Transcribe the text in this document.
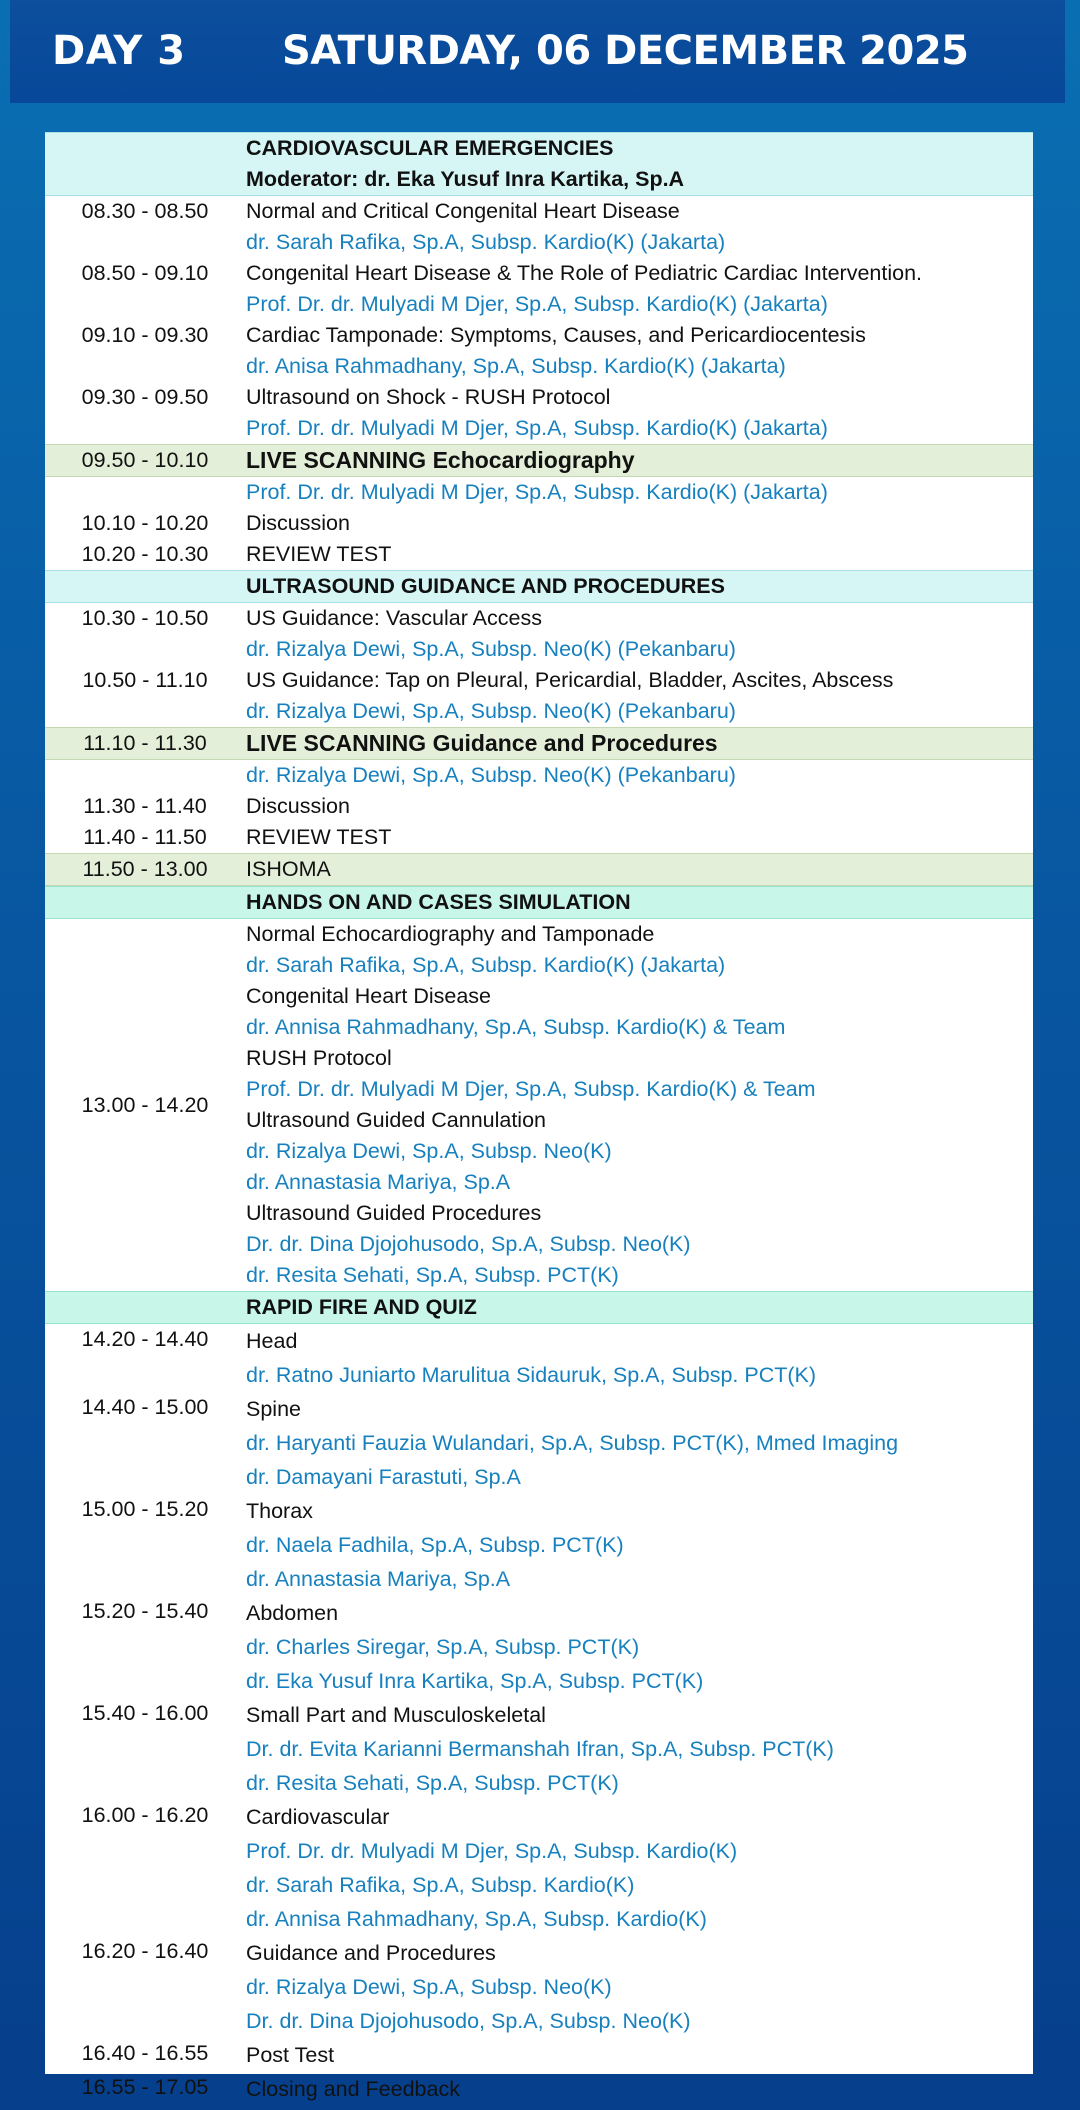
DAY 3 SATURDAY, 06 DECEMBER 2025
CARDIOVASCULAR EMERGENCIES
Moderator: dr. Eka Yusuf Inra Kartika, Sp.A
08.30 - 08.50	Normal and Critical Congenital Heart Disease
dr. Sarah Rafika, Sp.A, Subsp. Kardio(K) (Jakarta)
08.50 - 09.10	Congenital Heart Disease & The Role of Pediatric Cardiac Intervention.
Prof. Dr. dr. Mulyadi M Djer, Sp.A, Subsp. Kardio(K) (Jakarta)
09.10 - 09.30	Cardiac Tamponade: Symptoms, Causes, and Pericardiocentesis
dr. Anisa Rahmadhany, Sp.A, Subsp. Kardio(K) (Jakarta)
09.30 - 09.50	Ultrasound on Shock - RUSH Protocol
Prof. Dr. dr. Mulyadi M Djer, Sp.A, Subsp. Kardio(K) (Jakarta)
09.50 - 10.10	LIVE SCANNING Echocardiography
Prof. Dr. dr. Mulyadi M Djer, Sp.A, Subsp. Kardio(K) (Jakarta)
10.10 - 10.20	Discussion
10.20 - 10.30	REVIEW TEST
ULTRASOUND GUIDANCE AND PROCEDURES
10.30 - 10.50	US Guidance: Vascular Access
dr. Rizalya Dewi, Sp.A, Subsp. Neo(K) (Pekanbaru)
10.50 - 11.10	US Guidance: Tap on Pleural, Pericardial, Bladder, Ascites, Abscess
dr. Rizalya Dewi, Sp.A, Subsp. Neo(K) (Pekanbaru)
11.10 - 11.30	LIVE SCANNING Guidance and Procedures
dr. Rizalya Dewi, Sp.A, Subsp. Neo(K) (Pekanbaru)
11.30 - 11.40	Discussion
11.40 - 11.50	REVIEW TEST
11.50 - 13.00	ISHOMA
HANDS ON AND CASES SIMULATION
13.00 - 14.20
Normal Echocardiography and Tamponade
dr. Sarah Rafika, Sp.A, Subsp. Kardio(K) (Jakarta)
Congenital Heart Disease
dr. Annisa Rahmadhany, Sp.A, Subsp. Kardio(K) & Team
RUSH Protocol
Prof. Dr. dr. Mulyadi M Djer, Sp.A, Subsp. Kardio(K) & Team
Ultrasound Guided Cannulation
dr. Rizalya Dewi, Sp.A, Subsp. Neo(K)
dr. Annastasia Mariya, Sp.A
Ultrasound Guided Procedures
Dr. dr. Dina Djojohusodo, Sp.A, Subsp. Neo(K)
dr. Resita Sehati, Sp.A, Subsp. PCT(K)
RAPID FIRE AND QUIZ
14.20 - 14.40	Head
dr. Ratno Juniarto Marulitua Sidauruk, Sp.A, Subsp. PCT(K)
14.40 - 15.00	Spine
dr. Haryanti Fauzia Wulandari, Sp.A, Subsp. PCT(K), Mmed Imaging
dr. Damayani Farastuti, Sp.A
15.00 - 15.20	Thorax
dr. Naela Fadhila, Sp.A, Subsp. PCT(K)
dr. Annastasia Mariya, Sp.A
15.20 - 15.40	Abdomen
dr. Charles Siregar, Sp.A, Subsp. PCT(K)
dr. Eka Yusuf Inra Kartika, Sp.A, Subsp. PCT(K)
15.40 - 16.00	Small Part and Musculoskeletal
Dr. dr. Evita Karianni Bermanshah Ifran, Sp.A, Subsp. PCT(K)
dr. Resita Sehati, Sp.A, Subsp. PCT(K)
16.00 - 16.20	Cardiovascular
Prof. Dr. dr. Mulyadi M Djer, Sp.A, Subsp. Kardio(K)
dr. Sarah Rafika, Sp.A, Subsp. Kardio(K)
dr. Annisa Rahmadhany, Sp.A, Subsp. Kardio(K)
16.20 - 16.40	Guidance and Procedures
dr. Rizalya Dewi, Sp.A, Subsp. Neo(K)
Dr. dr. Dina Djojohusodo, Sp.A, Subsp. Neo(K)
16.40 - 16.55	Post Test
16.55 - 17.05	Closing and Feedback
